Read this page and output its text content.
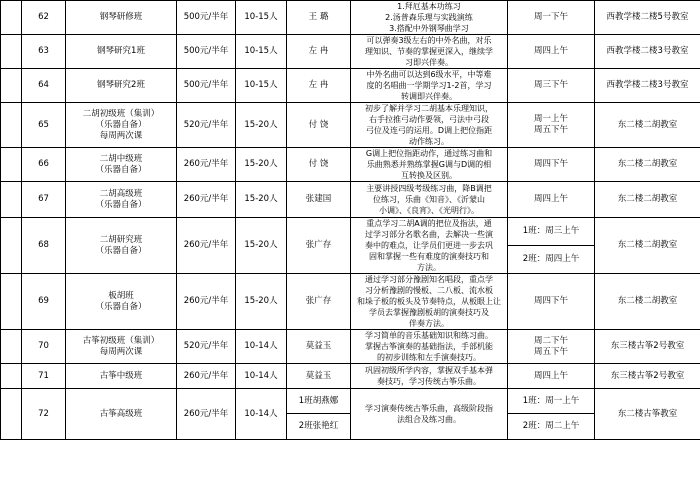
	62	钢琴研修班	500元/半年	10-15人	王 璐	1.拜厄基本功练习
2.汤普森乐理与实践演练
3.搭配中外钢琴曲学习	周一下午	西教学楼二楼5号教室

	63	钢琴研究1班	500元/半年	10-15人	左 冉	可以弹奏3级左右的中外名曲，对乐
理知识、节奏的掌握更深入，继续学
习即兴伴奏。	周四上午	西教学楼二楼3号教室

	64	钢琴研究2班	500元/半年	10-15人	左 冉	中外名曲可以达到6级水平，中等难
度的名唱曲一学期学习1-2首，学习
转调即兴伴奏。	周三下午	西教学楼二楼3号教室

	65	二胡初级班（集训）
（乐器自备）
每周两次课	520元/半年	15-20人	付 饶	初步了解并学习二胡基本乐理知识，
右手拉推弓动作要领，弓法中弓段
弓位及连弓的运用。D调上把位指距
动作练习。	周一上午
周五下午	东二楼二胡教室

	66	二胡中级班
（乐器自备）	260元/半年	15-20人	付 饶	G调上把位指距动作，通过练习曲和
乐曲熟悉并熟练掌握G调与D调的相
互转换及区别。	周四下午	东二楼二胡教室

	67	二胡高级班
（乐器自备）	260元/半年	15-20人	张建国	主要讲授四级考级练习曲，降B调把
位练习，乐曲《知音》、《沂蒙山
小调》、《良宵》、《光明行》。	周四上午	东二楼二胡教室

	68	二胡研究班
（乐器自备）	260元/半年	15-20人	张广存	重点学习二胡A调的把位及指法，通
过学习部分名歌名曲，去解决一些演
奏中的难点，让学员们更进一步去巩
固和掌握一些有难度的演奏技巧和
方法。	1班：周三上午	东二楼二胡教室

							2班：周四上午	

	69	板胡班
（乐器自备）	260元/半年	15-20人	张广存	通过学习部分豫剧知名唱段，重点学
习分析豫剧的慢板、二八板、流水板
和垛子板的板头及节奏特点，从板眼上让
学员去掌握豫剧板胡的演奏技巧及
伴奏方法。	周四下午	东二楼二胡教室

	70	古筝初级班（集训）
每周两次课	520元/半年	10-14人	莫益玉	学习简单的音乐基础知识和练习曲。
掌握古筝演奏的基础指法，手部机能
的初步训练和左手演奏技巧。	周二下午
周五下午	东三楼古筝2号教室

	71	古筝中级班	260元/半年	10-14人	莫益玉	巩固初级所学内容，掌握双手基本弹
奏技巧，学习传统古筝乐曲。	周四上午	东三楼古筝2号教室

	72	古筝高级班	260元/半年	10-14人	1班胡燕娜	学习演奏传统古筝乐曲，高级阶段指
法组合及练习曲。	1班：周一上午	东二楼古筝教室

					2班张艳红		2班：周二上午	
